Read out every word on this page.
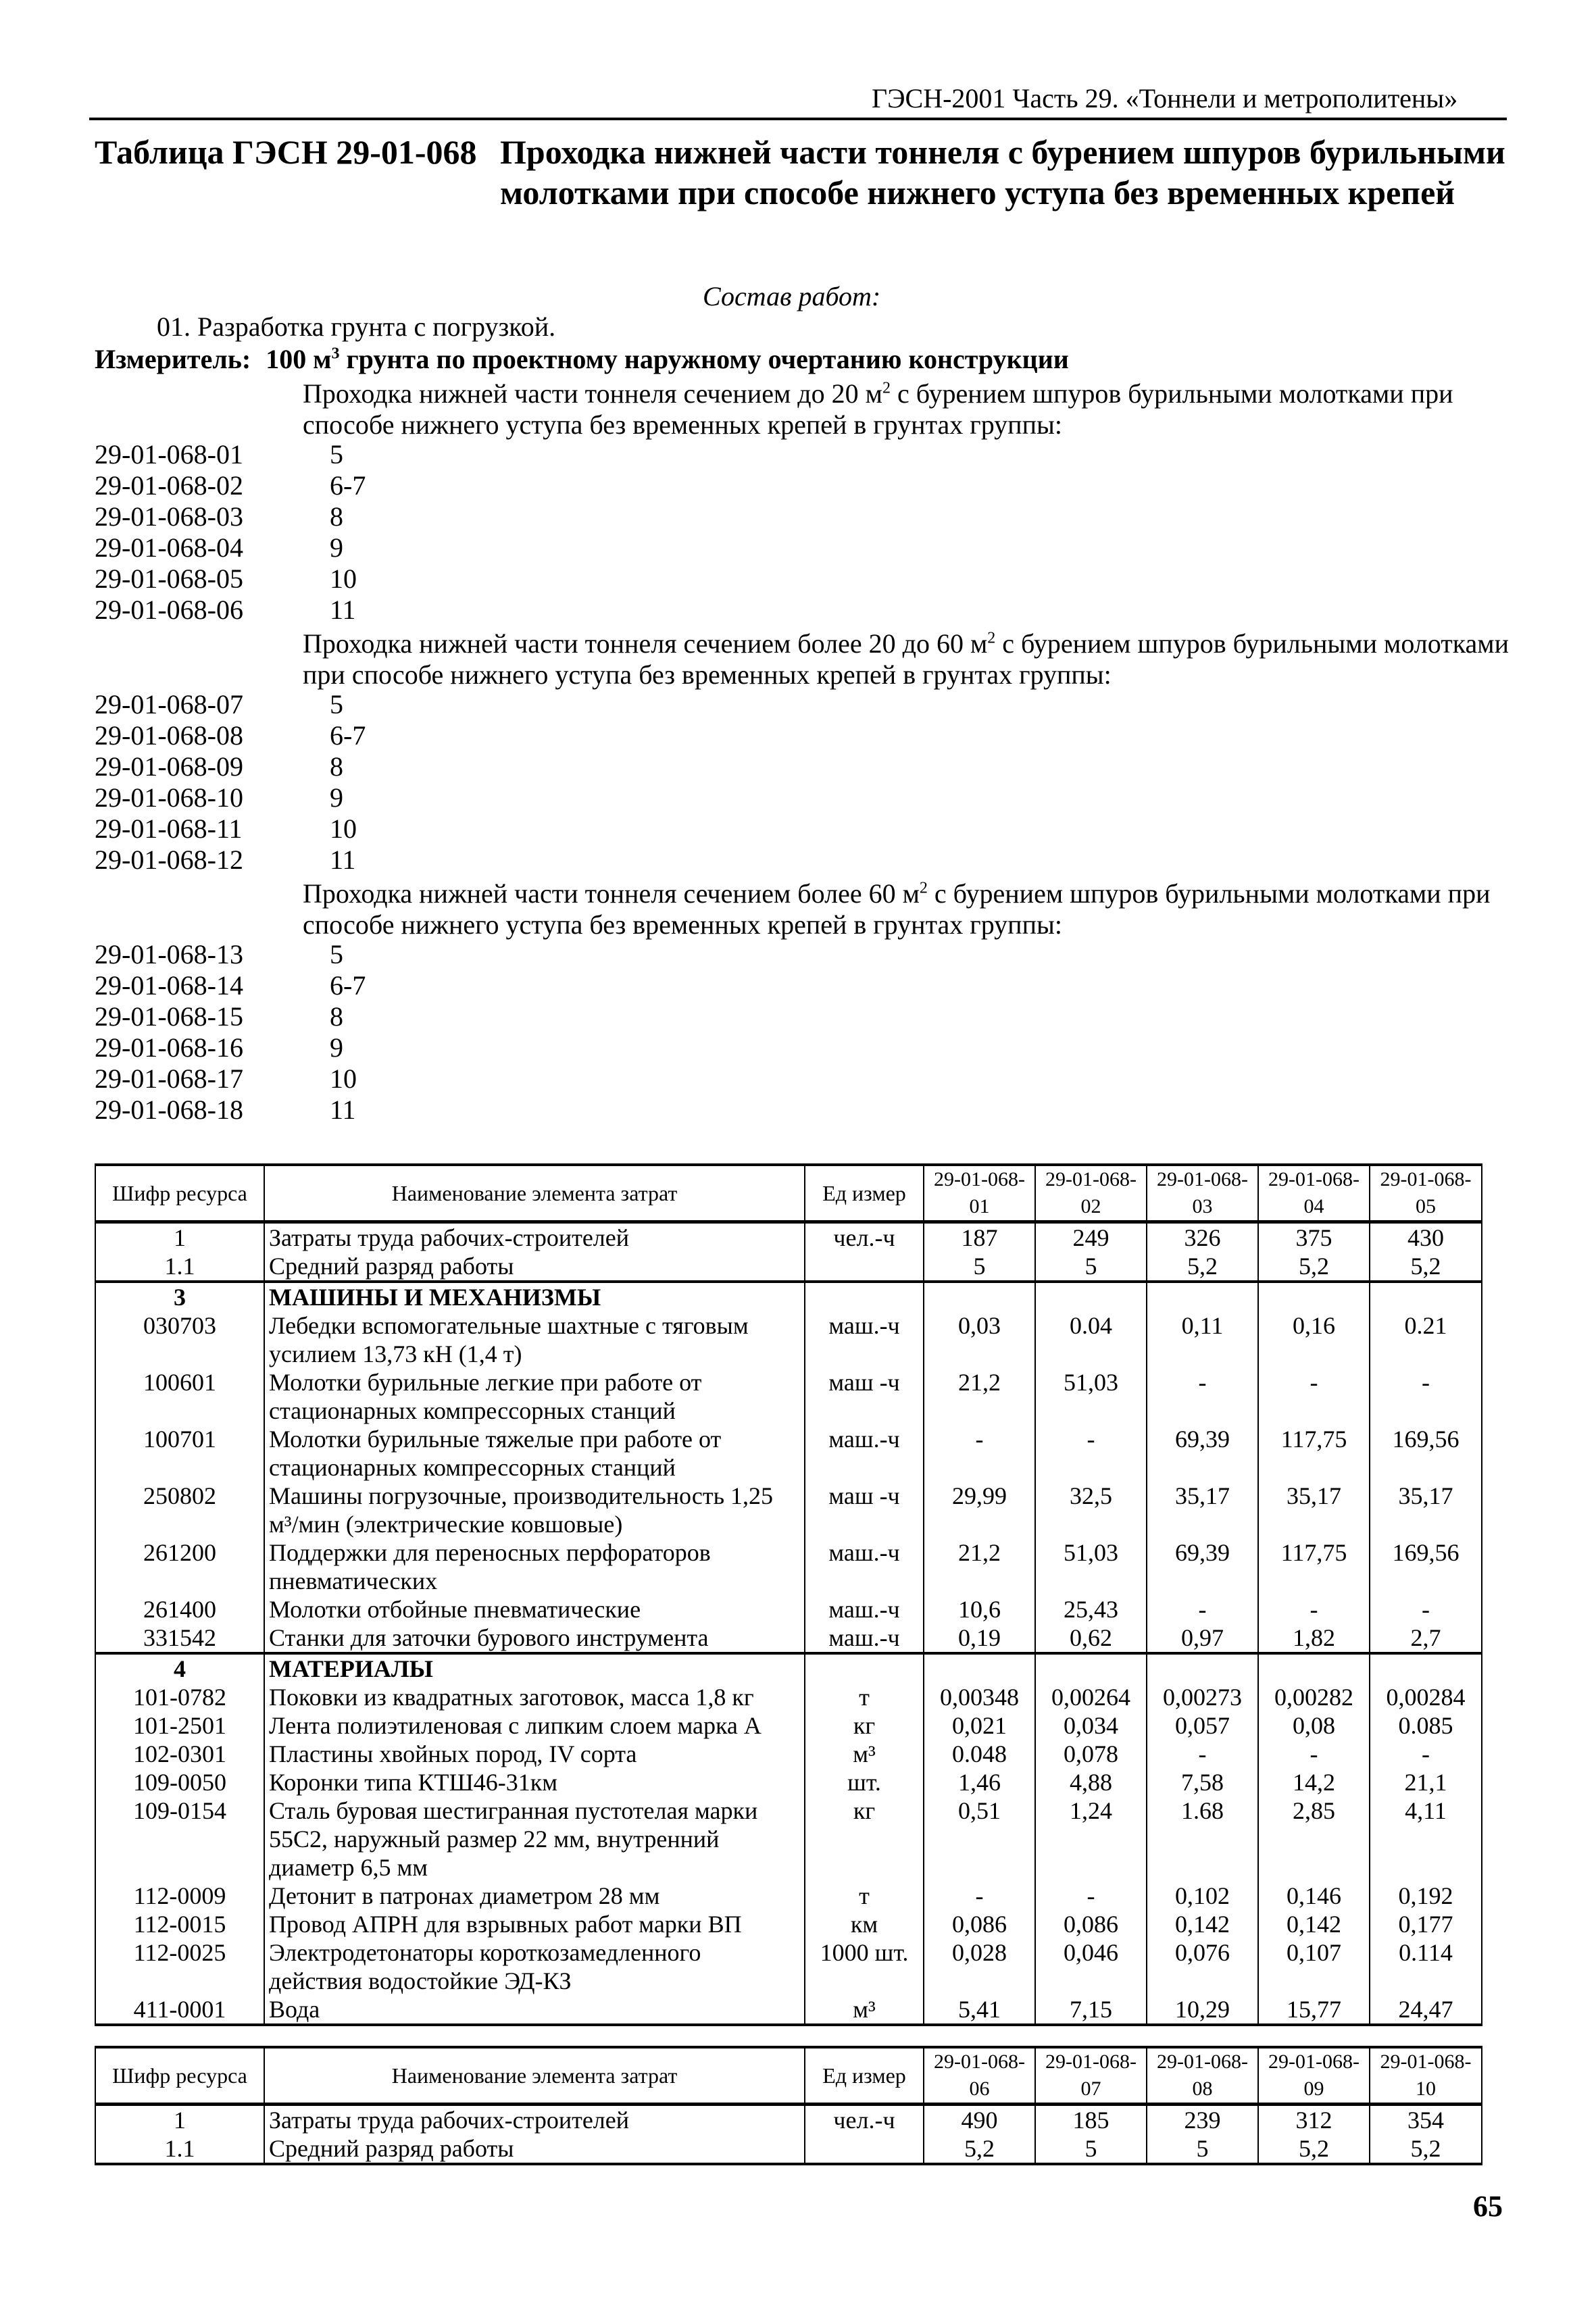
ГЭСН-2001 Часть 29. «Тоннели и метрополитены»
Таблица ГЭСН 29-01-068 Проходка нижней части тоннеля с бурением шпуров бурильными молотками при способе нижнего уступа без временных крепей
Состав работ:
01. Разработка грунта с погрузкой.
Измеритель: 100 $м^3$ грунта по проектному наружному очертанию конструкции
Проходка нижней части тоннеля сечением до 20 $м^2$ с бурением шпуров бурильными молотками при способе нижнего уступа без временных крепей в грунтах группы:
29-01-068-01	5
29-01-068-02	6-7
29-01-068-03	8
29-01-068-04	9
29-01-068-05	10
29-01-068-06	11
Проходка нижней части тоннеля сечением более 20 до 60 $м^2$ с бурением шпуров бурильными молотками при способе нижнего уступа без временных крепей в грунтах группы:
29-01-068-07	5
29-01-068-08	6-7
29-01-068-09	8
29-01-068-10	9
29-01-068-11	10
29-01-068-12	11
Проходка нижней части тоннеля сечением более 60 $м^2$ с бурением шпуров бурильными молотками при способе нижнего уступа без временных крепей в грунтах группы:
29-01-068-13	5
29-01-068-14	6-7
29-01-068-15	8
29-01-068-16	9
29-01-068-17	10
29-01-068-18	11
Шифр ресурса	Наименование элемента затрат	Ед измер	29-01-068-01	29-01-068-02	29-01-068-03	29-01-068-04	29-01-068-05
1	Затраты труда рабочих-строителей	чел.-ч	187	249	326	375	430
1.1	Средний разряд работы		5	5	5,2	5,2	5,2
3	МАШИНЫ И МЕХАНИЗМЫ						
030703	Лебедки вспомогательные шахтные с тяговым усилием 13,73 кН (1,4 т)	маш.-ч	0,03	0.04	0,11	0,16	0.21
100601	Молотки бурильные легкие при работе от стационарных компрессорных станций	маш -ч	21,2	51,03	-	-	-
100701	Молотки бурильные тяжелые при работе от стационарных компрессорных станций	маш.-ч	-	-	69,39	117,75	169,56
250802	Машины погрузочные, производительность 1,25 м³/мин (электрические ковшовые)	маш -ч	29,99	32,5	35,17	35,17	35,17
261200	Поддержки для переносных перфораторов пневматических	маш.-ч	21,2	51,03	69,39	117,75	169,56
261400	Молотки отбойные пневматические	маш.-ч	10,6	25,43	-	-	-
331542	Станки для заточки бурового инструмента	маш.-ч	0,19	0,62	0,97	1,82	2,7
4	МАТЕРИАЛЫ						
101-0782	Поковки из квадратных заготовок, масса 1,8 кг	т	0,00348	0,00264	0,00273	0,00282	0,00284
101-2501	Лента полиэтиленовая с липким слоем марка А	кг	0,021	0,034	0,057	0,08	0.085
102-0301	Пластины хвойных пород, IV сорта	м³	0.048	0,078	-	-	-
109-0050	Коронки типа КТШ46-31км	шт.	1,46	4,88	7,58	14,2	21,1
109-0154	Сталь буровая шестигранная пустотелая марки 55С2, наружный размер 22 мм, внутренний диаметр 6,5 мм	кг	0,51	1,24	1.68	2,85	4,11
112-0009	Детонит в патронах диаметром 28 мм	т	-	-	0,102	0,146	0,192
112-0015	Провод АПРН для взрывных работ марки ВП	км	0,086	0,086	0,142	0,142	0,177
112-0025	Электродетонаторы короткозамедленного действия водостойкие ЭД-КЗ	1000 шт.	0,028	0,046	0,076	0,107	0.114
411-0001	Вода	м³	5,41	7,15	10,29	15,77	24,47
Шифр ресурса	Наименование элемента затрат	Ед измер	29-01-068-06	29-01-068-07	29-01-068-08	29-01-068-09	29-01-068-10
1	Затраты труда рабочих-строителей	чел.-ч	490	185	239	312	354
1.1	Средний разряд работы		5,2	5	5	5,2	5,2
65
